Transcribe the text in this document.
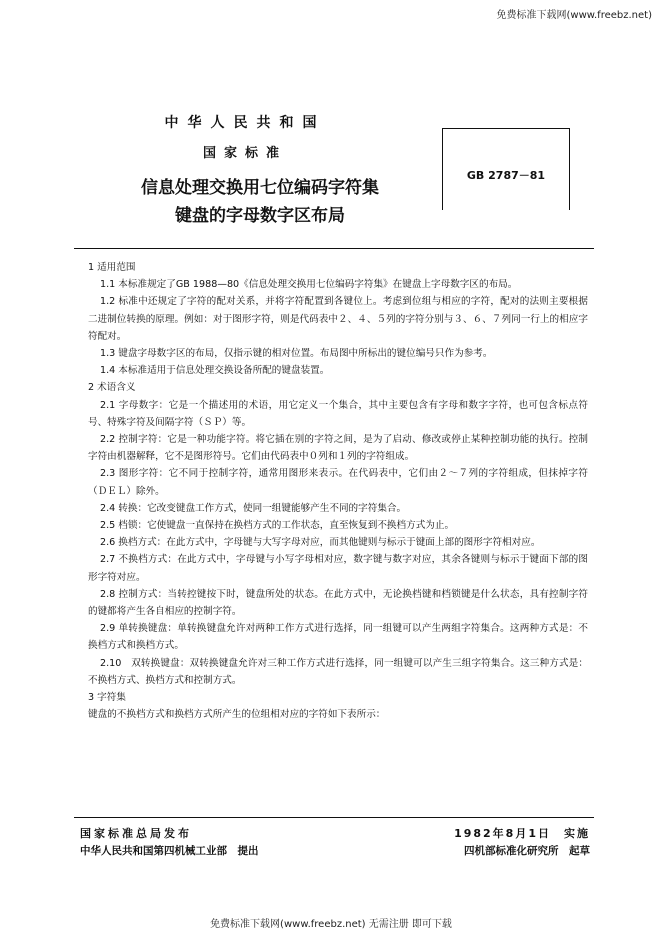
免费标准下载网(www.freebz.net)
中华人民共和国
国家标准
信息处理交换用七位编码字符集
键盘的字母数字区布局
GB 2787－81

1 适用范围

1.1 本标准规定了GB 1988—80《信息处理交换用七位编码字符集》在键盘上字母数字区的布局。

1.2 标准中还规定了字符的配对关系，并将字符配置到各键位上。考虑到位组与相应的字符，配对的法则主要根据二进制位转换的原理。例如：对于图形字符，则是代码表中２、４、５列的字符分别与３、６、７列同一行上的相应字符配对。

1.3 键盘字母数字区的布局，仅指示键的相对位置。布局图中所标出的键位编号只作为参考。

1.4 本标准适用于信息处理交换设备所配的键盘装置。

2 术语含义

2.1 字母数字：它是一个描述用的术语，用它定义一个集合，其中主要包含有字母和数字字符，也可包含标点符号、特殊字符及间隔字符（ＳＰ）等。

2.2 控制字符：它是一种功能字符。将它插在别的字符之间，是为了启动、修改或停止某种控制功能的执行。控制字符由机器解释，它不是图形符号。它们由代码表中０列和１列的字符组成。

2.3 图形字符：它不同于控制字符，通常用图形来表示。在代码表中，它们由２～７列的字符组成，但抹掉字符（ＤＥＬ）除外。

2.4 转换：它改变键盘工作方式，使同一组键能够产生不同的字符集合。

2.5 档锁：它使键盘一直保持在换档方式的工作状态，直至恢复到不换档方式为止。

2.6 换档方式：在此方式中，字母键与大写字母对应，而其他键则与标示于键面上部的图形字符相对应。

2.7 不换档方式：在此方式中，字母键与小写字母相对应，数字键与数字对应，其余各键则与标示于键面下部的图形字符对应。

2.8 控制方式：当转控键按下时，键盘所处的状态。在此方式中，无论换档键和档锁键是什么状态，具有控制字符的键都将产生各自相应的控制字符。

2.9 单转换键盘：单转换键盘允许对两种工作方式进行选择，同一组键可以产生两组字符集合。这两种方式是：不换档方式和换档方式。

2.10　双转换键盘：双转换键盘允许对三种工作方式进行选择，同一组键可以产生三组字符集合。这三种方式是：不换档方式、换档方式和控制方式。

3 字符集

键盘的不换档方式和换档方式所产生的位组相对应的字符如下表所示：

国家标准总局发布
中华人民共和国第四机械工业部　提出
1982年8月1日　实施
四机部标准化研究所　起草
免费标准下载网(www.freebz.net) 无需注册 即可下载
